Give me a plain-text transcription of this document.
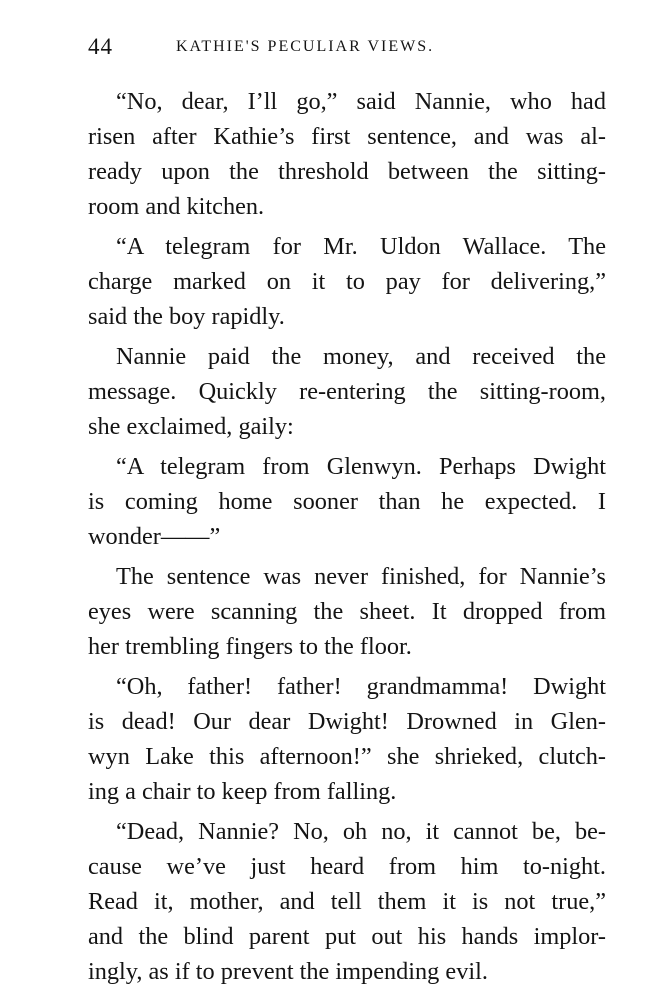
44	KATHIE'S PECULIAR VIEWS.

“No, dear, I’ll go,” said Nannie, who had
risen after Kathie’s first sentence, and was al-
ready upon the threshold between the sitting-
room and kitchen.

“A telegram for Mr. Uldon Wallace. The
charge marked on it to pay for delivering,”
said the boy rapidly.

Nannie paid the money, and received the
message. Quickly re-entering the sitting-room,
she exclaimed, gaily:

“A telegram from Glenwyn. Perhaps Dwight
is coming home sooner than he expected. I
wonder——”

The sentence was never finished, for Nannie’s
eyes were scanning the sheet. It dropped from
her trembling fingers to the floor.

“Oh, father! father! grandmamma! Dwight
is dead! Our dear Dwight! Drowned in Glen-
wyn Lake this afternoon!” she shrieked, clutch-
ing a chair to keep from falling.

“Dead, Nannie? No, oh no, it cannot be, be-
cause we’ve just heard from him to-night.
Read it, mother, and tell them it is not true,”
and the blind parent put out his hands implor-
ingly, as if to prevent the impending evil.
